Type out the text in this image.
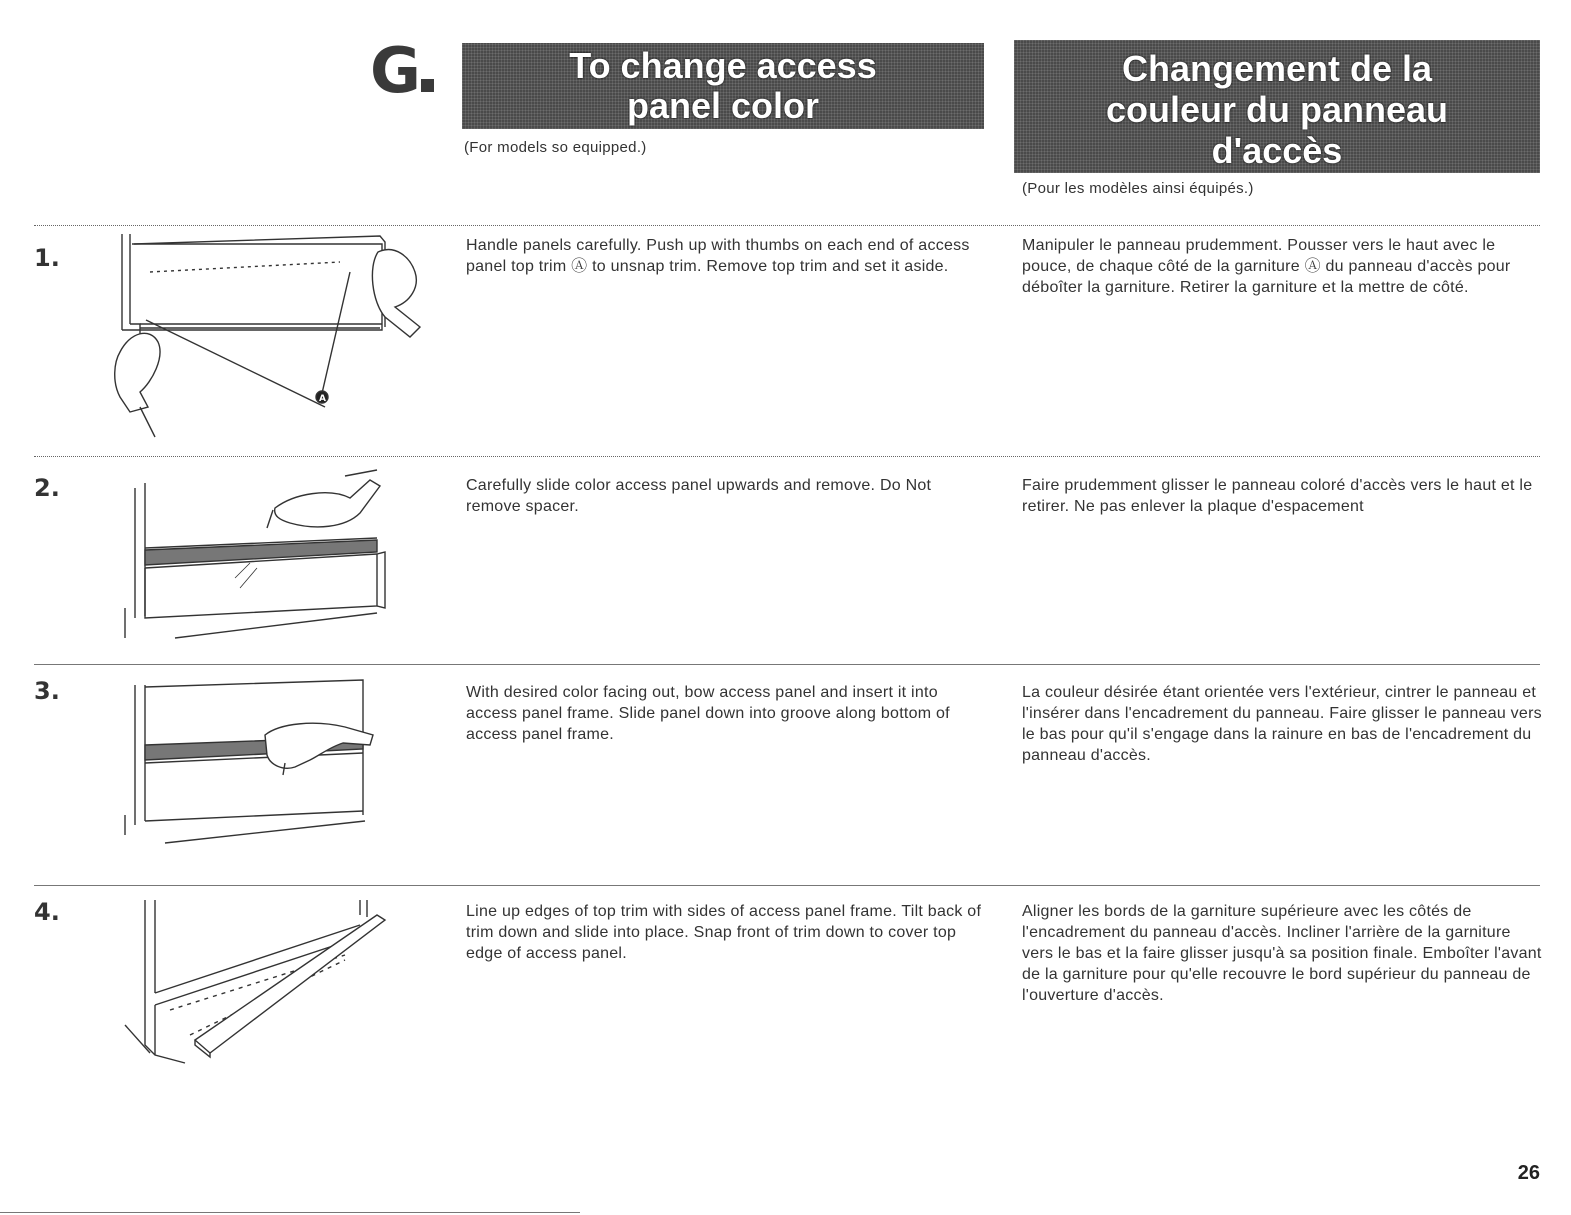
G	To change access
panel color
(For models so equipped.)
Changement de la
couleur du panneau
d'accès
(Pour les modèles ainsi équipés.)
1.
A

Handle panels carefully. Push up with thumbs on each end of access panel top trim Ⓐ to unsnap trim. Remove top trim and set it aside.

Manipuler le panneau prudemment. Pousser vers le haut avec le pouce, de chaque côté de la garniture Ⓐ du panneau d'accès pour déboîter la garniture. Retirer la garniture et la mettre de côté.

2.	Carefully slide color access panel upwards and remove. Do Not remove spacer.

Faire prudemment glisser le panneau coloré d'accès vers le haut et le retirer. Ne pas enlever la plaque d'espacement

3.	With desired color facing out, bow access panel and insert it into access panel frame. Slide panel down into groove along bottom of access panel frame.

La couleur désirée étant orientée vers l'extérieur, cintrer le panneau et l'insérer dans l'encadrement du panneau. Faire glisser le panneau vers le bas pour qu'il s'engage dans la rainure en bas de l'encadrement du panneau d'accès.

4.	Line up edges of top trim with sides of access panel frame. Tilt back of trim down and slide into place. Snap front of trim down to cover top edge of access panel.

Aligner les bords de la garniture supérieure avec les côtés de l'encadrement du panneau d'accès. Incliner l'arrière de la garniture vers le bas et la faire glisser jusqu'à sa position finale. Emboîter l'avant de la garniture pour qu'elle recouvre le bord supérieur du panneau de l'ouverture d'accès.

26
